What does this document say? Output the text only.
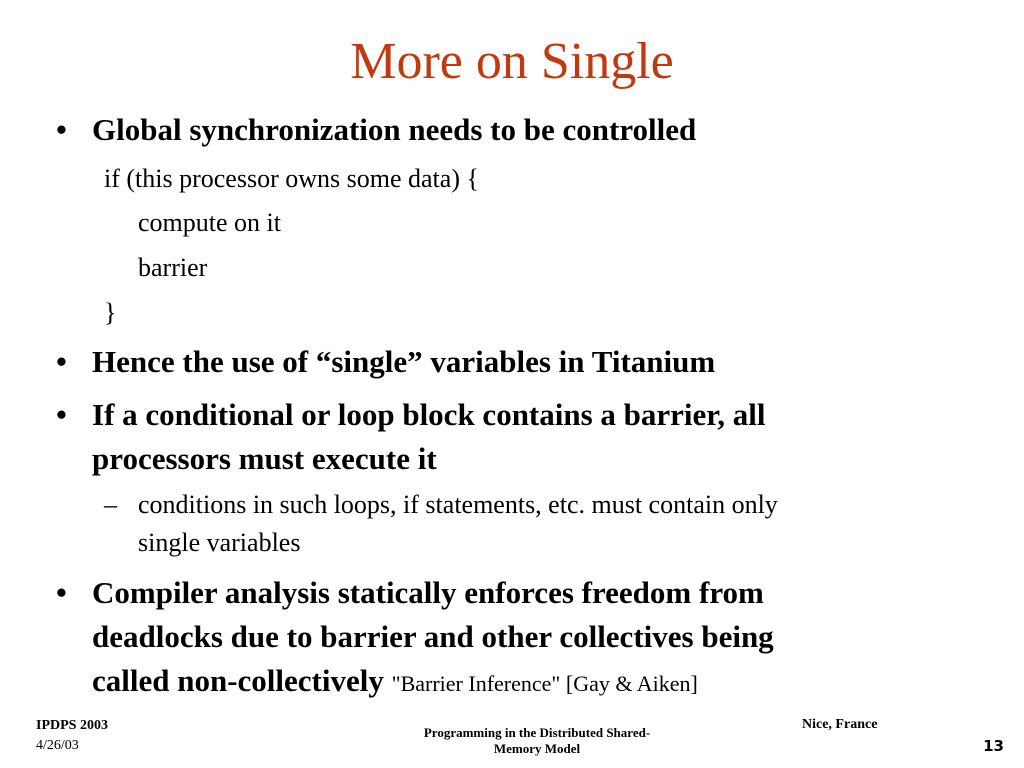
More on Single
• Global synchronization needs to be controlled
if (this processor owns some data) {
compute on it
barrier
}
• Hence the use of “single” variables in Titanium
• If a conditional or loop block contains a barrier, all
processors must execute it
– conditions in such loops, if statements, etc. must contain only
single variables
• Compiler analysis statically enforces freedom from
deadlocks due to barrier and other collectives being
called non-collectively "Barrier Inference" [Gay & Aiken]
IPDPS 2003
4/26/03
Programming in the Distributed Shared-
Memory Model
Nice, France
13
